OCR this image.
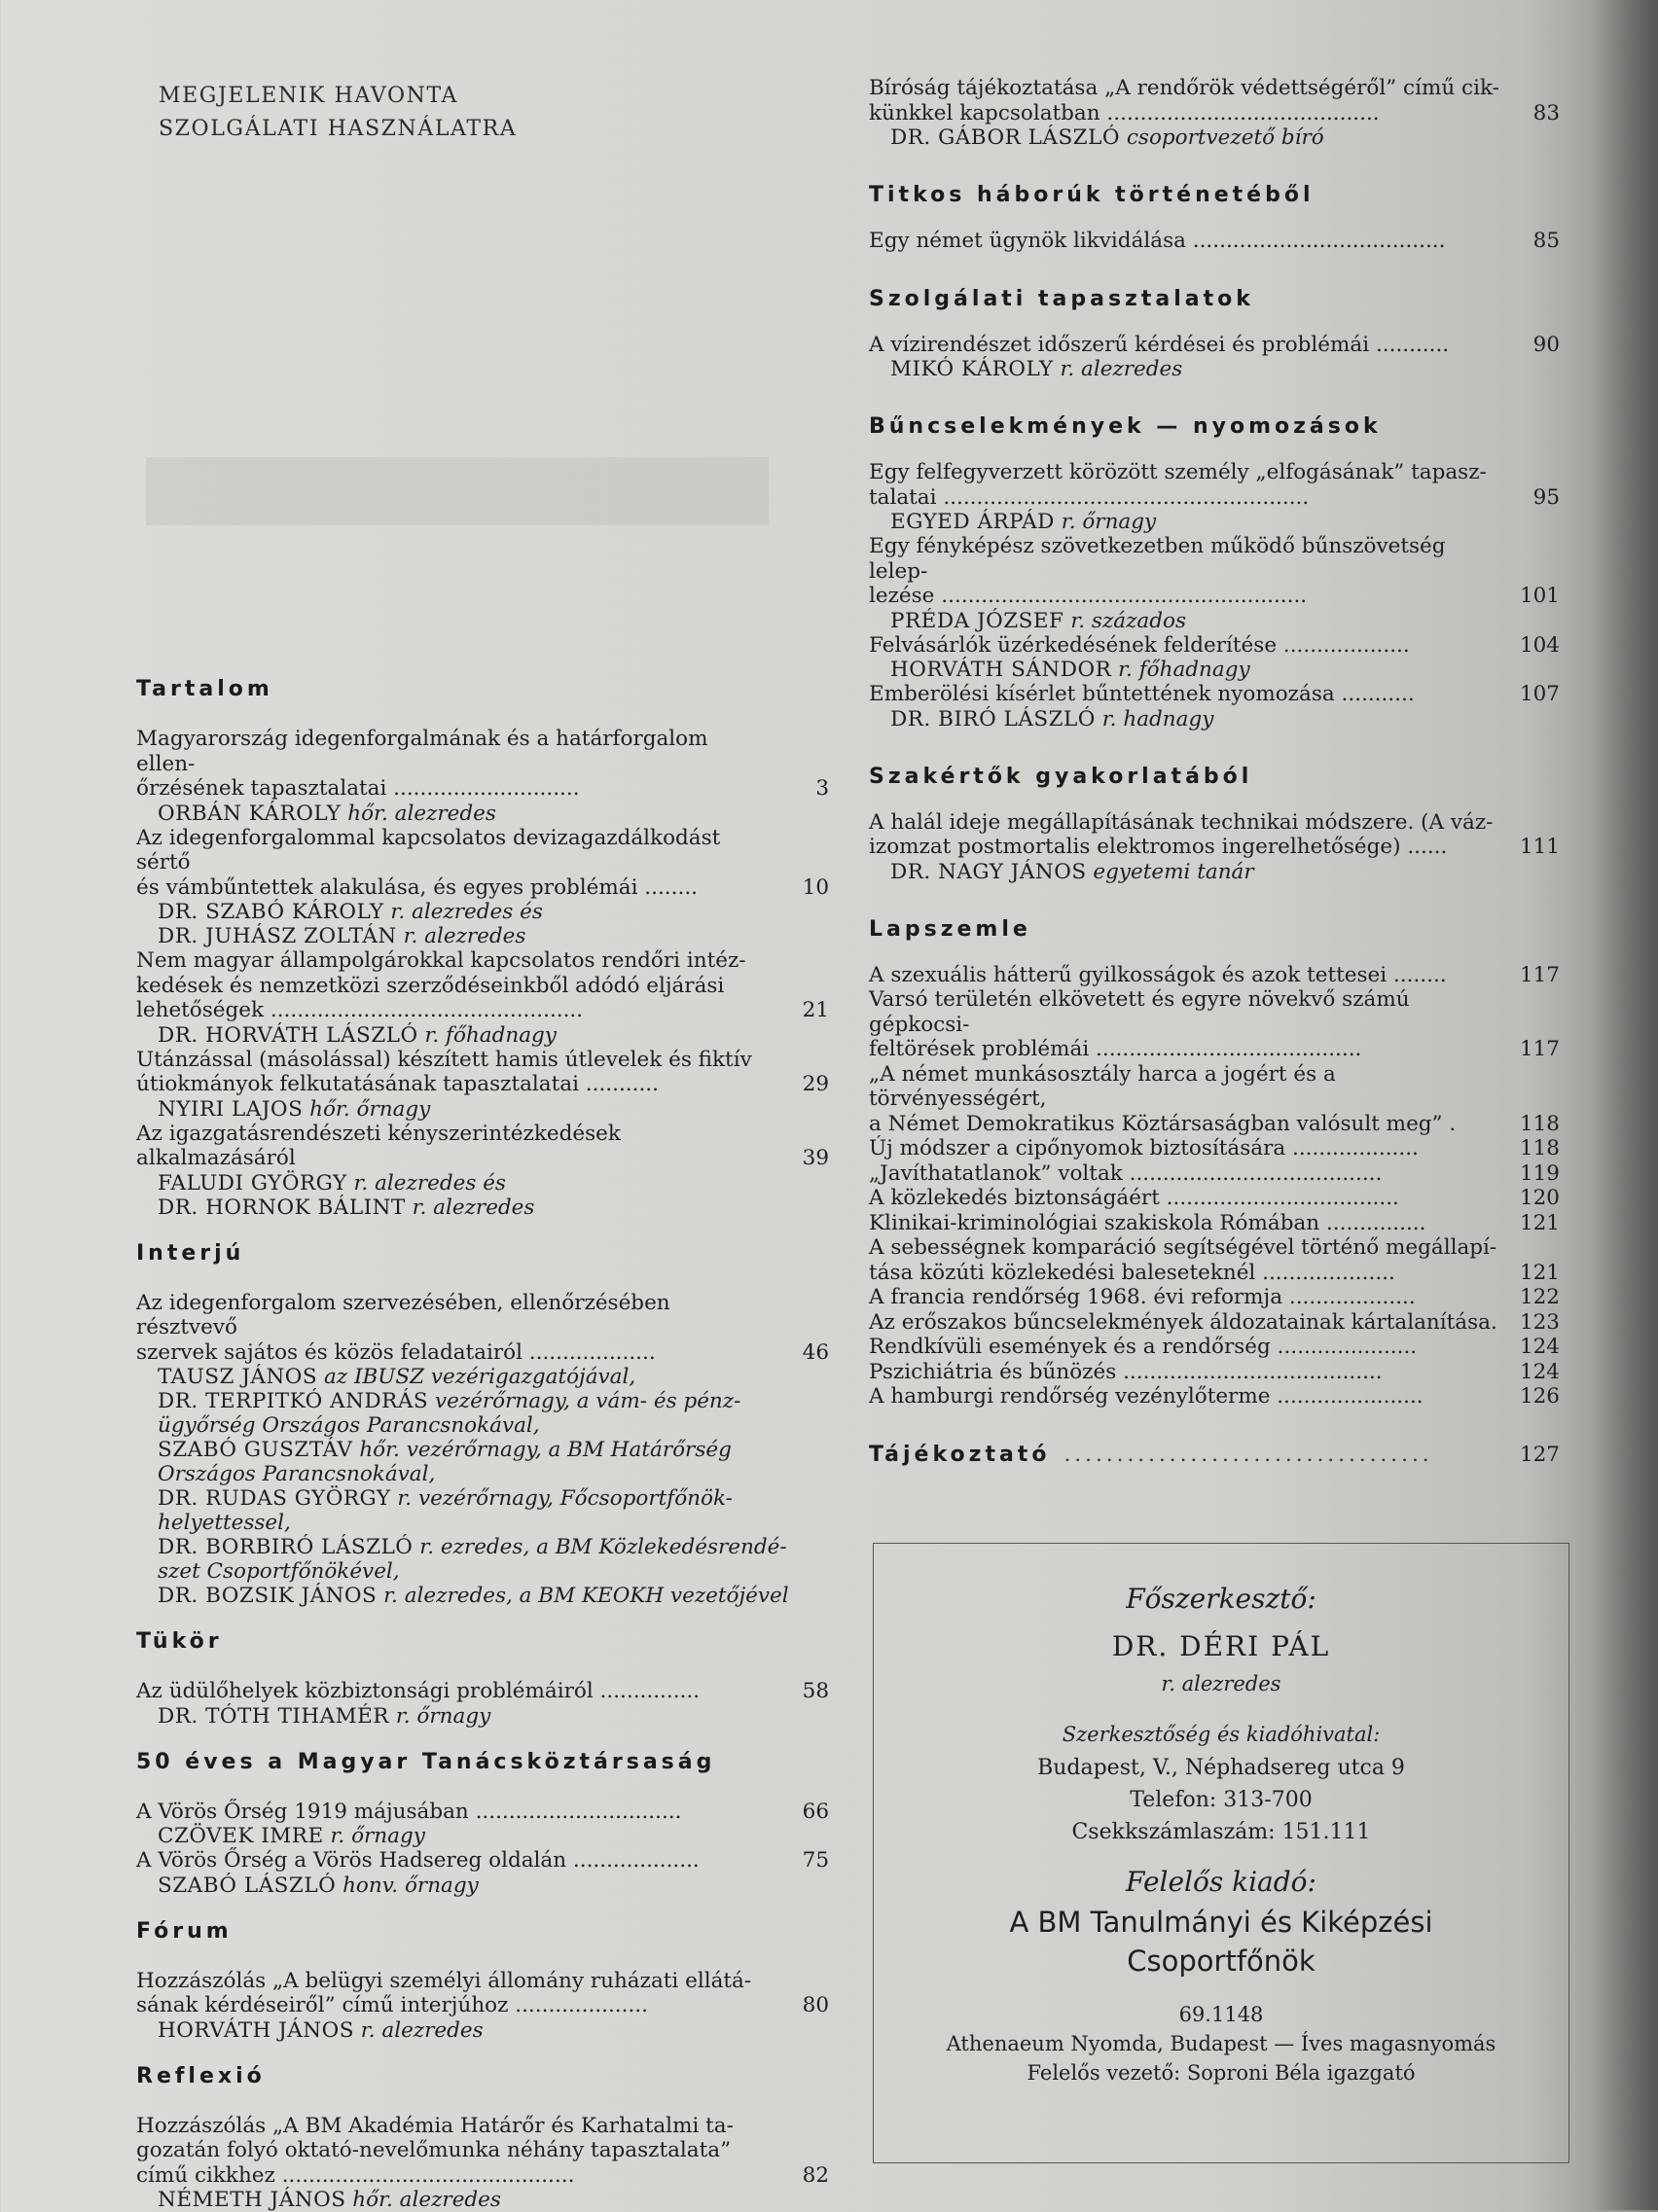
MEGJELENIK HAVONTA
SZOLGÁLATI HASZNÁLATRA
Tartalom
Magyarország idegenforgalmának és a határforgalom ellen-
őrzésének tapasztalatai ............................	3
ORBÁN KÁROLY hőr. alezredes
Az idegenforgalommal kapcsolatos devizagazdálkodást sértő
és vámbűntettek alakulása, és egyes problémái ........	10
DR. SZABÓ KÁROLY r. alezredes és
DR. JUHÁSZ ZOLTÁN r. alezredes
Nem magyar állampolgárokkal kapcsolatos rendőri intéz-
kedések és nemzetközi szerződéseinkből adódó eljárási
lehetőségek ...............................................	21
DR. HORVÁTH LÁSZLÓ r. főhadnagy
Utánzással (másolással) készített hamis útlevelek és fiktív
útiokmányok felkutatásának tapasztalatai ...........	29
NYIRI LAJOS hőr. őrnagy
Az igazgatásrendészeti kényszerintézkedések alkalmazásáról	39
FALUDI GYÖRGY r. alezredes és
DR. HORNOK BÁLINT r. alezredes
Interjú
Az idegenforgalom szervezésében, ellenőrzésében résztvevő
szervek sajátos és közös feladatairól ...................	46
TAUSZ JÁNOS az IBUSZ vezérigazgatójával,
DR. TERPITKÓ ANDRÁS vezérőrnagy, a vám- és pénz-ügyőrség Országos Parancsnokával,
SZABÓ GUSZTÁV hőr. vezérőrnagy, a BM Határőrség Országos Parancsnokával,
DR. RUDAS GYÖRGY r. vezérőrnagy, Főcsoportfőnök-helyettessel,
DR. BORBIRÓ LÁSZLÓ r. ezredes, a BM Közlekedésrendé-szet Csoportfőnökével,
DR. BOZSIK JÁNOS r. alezredes, a BM KEOKH vezetőjével
Tükör
Az üdülőhelyek közbiztonsági problémáiról ...............	58
DR. TÓTH TIHAMÉR r. őrnagy
50 éves a Magyar Tanácsköztársaság
A Vörös Őrség 1919 májusában ...............................	66
CZÖVEK IMRE r. őrnagy
A Vörös Őrség a Vörös Hadsereg oldalán ...................	75
SZABÓ LÁSZLÓ honv. őrnagy
Fórum
Hozzászólás „A belügyi személyi állomány ruházati ellátá-
sának kérdéseiről” című interjúhoz ....................	80
HORVÁTH JÁNOS r. alezredes
Reflexió
Hozzászólás „A BM Akadémia Határőr és Karhatalmi ta-
gozatán folyó oktató-nevelőmunka néhány tapasztalata”
című cikkhez ............................................	82
NÉMETH JÁNOS hőr. alezredes
Bíróság tájékoztatása „A rendőrök védettségéről” című cik-
künkkel kapcsolatban .........................................	83
DR. GÁBOR LÁSZLÓ csoportvezető bíró
Titkos háborúk történetéből
Egy német ügynök likvidálása ......................................	85
Szolgálati tapasztalatok
A vízirendészet időszerű kérdései és problémái ...........	90
MIKÓ KÁROLY r. alezredes
Bűncselekmények — nyomozások
Egy felfegyverzett körözött személy „elfogásának” tapasz-
talatai .......................................................	95
EGYED ÁRPÁD r. őrnagy
Egy fényképész szövetkezetben működő bűnszövetség lelep-
lezése .......................................................	101
PRÉDA JÓZSEF r. százados
Felvásárlók üzérkedésének felderítése ...................	104
HORVÁTH SÁNDOR r. főhadnagy
Emberölési kísérlet bűntettének nyomozása ...........	107
DR. BIRÓ LÁSZLÓ r. hadnagy
Szakértők gyakorlatából
A halál ideje megállapításának technikai módszere. (A váz-
izomzat postmortalis elektromos ingerelhetősége) ......	111
DR. NAGY JÁNOS egyetemi tanár
Lapszemle
A szexuális hátterű gyilkosságok és azok tettesei ........	117
Varsó területén elkövetett és egyre növekvő számú gépkocsi-
feltörések problémái ........................................	117
„A német munkásosztály harca a jogért és a törvényességért,
a Német Demokratikus Köztársaságban valósult meg” .	118
Új módszer a cipőnyomok biztosítására ...................	118
„Javíthatatlanok” voltak ......................................	119
A közlekedés biztonságáért ...................................	120
Klinikai-kriminológiai szakiskola Rómában ...............	121
A sebességnek komparáció segítségével történő megállapí-
tása közúti közlekedési baleseteknél ....................	121
A francia rendőrség 1968. évi reformja ...................	122
Az erőszakos bűncselekmények áldozatainak kártalanítása.	123
Rendkívüli események és a rendőrség .....................	124
Pszichiátria és bűnözés .......................................	124
A hamburgi rendőrség vezénylőterme ......................	126
Tájékoztató ...................................	127
Főszerkesztő:
DR. DÉRI PÁL
r. alezredes
Szerkesztőség és kiadóhivatal:
Budapest, V., Néphadsereg utca 9
Telefon: 313-700
Csekkszámlaszám: 151.111
Felelős kiadó:
A BM Tanulmányi és Kiképzési
Csoportfőnök
69.1148
Athenaeum Nyomda, Budapest — Íves magasnyomás
Felelős vezető: Soproni Béla igazgató
